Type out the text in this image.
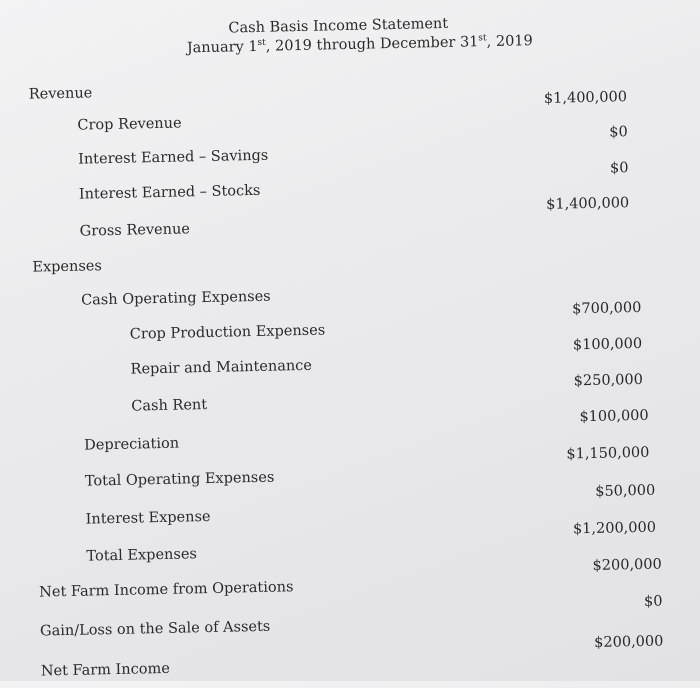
Cash Basis Income Statement
January 1st, 2019 through December 31st, 2019
Revenue
Crop Revenue
$1,400,000
Interest Earned – Savings
$0
Interest Earned – Stocks
$0
Gross Revenue
$1,400,000
Expenses
Cash Operating Expenses
Crop Production Expenses
$700,000
Repair and Maintenance
$100,000
Cash Rent
$250,000
Depreciation
$100,000
Total Operating Expenses
$1,150,000
Interest Expense
$50,000
Total Expenses
$1,200,000
Net Farm Income from Operations
$200,000
Gain/Loss on the Sale of Assets
$0
Net Farm Income
$200,000
